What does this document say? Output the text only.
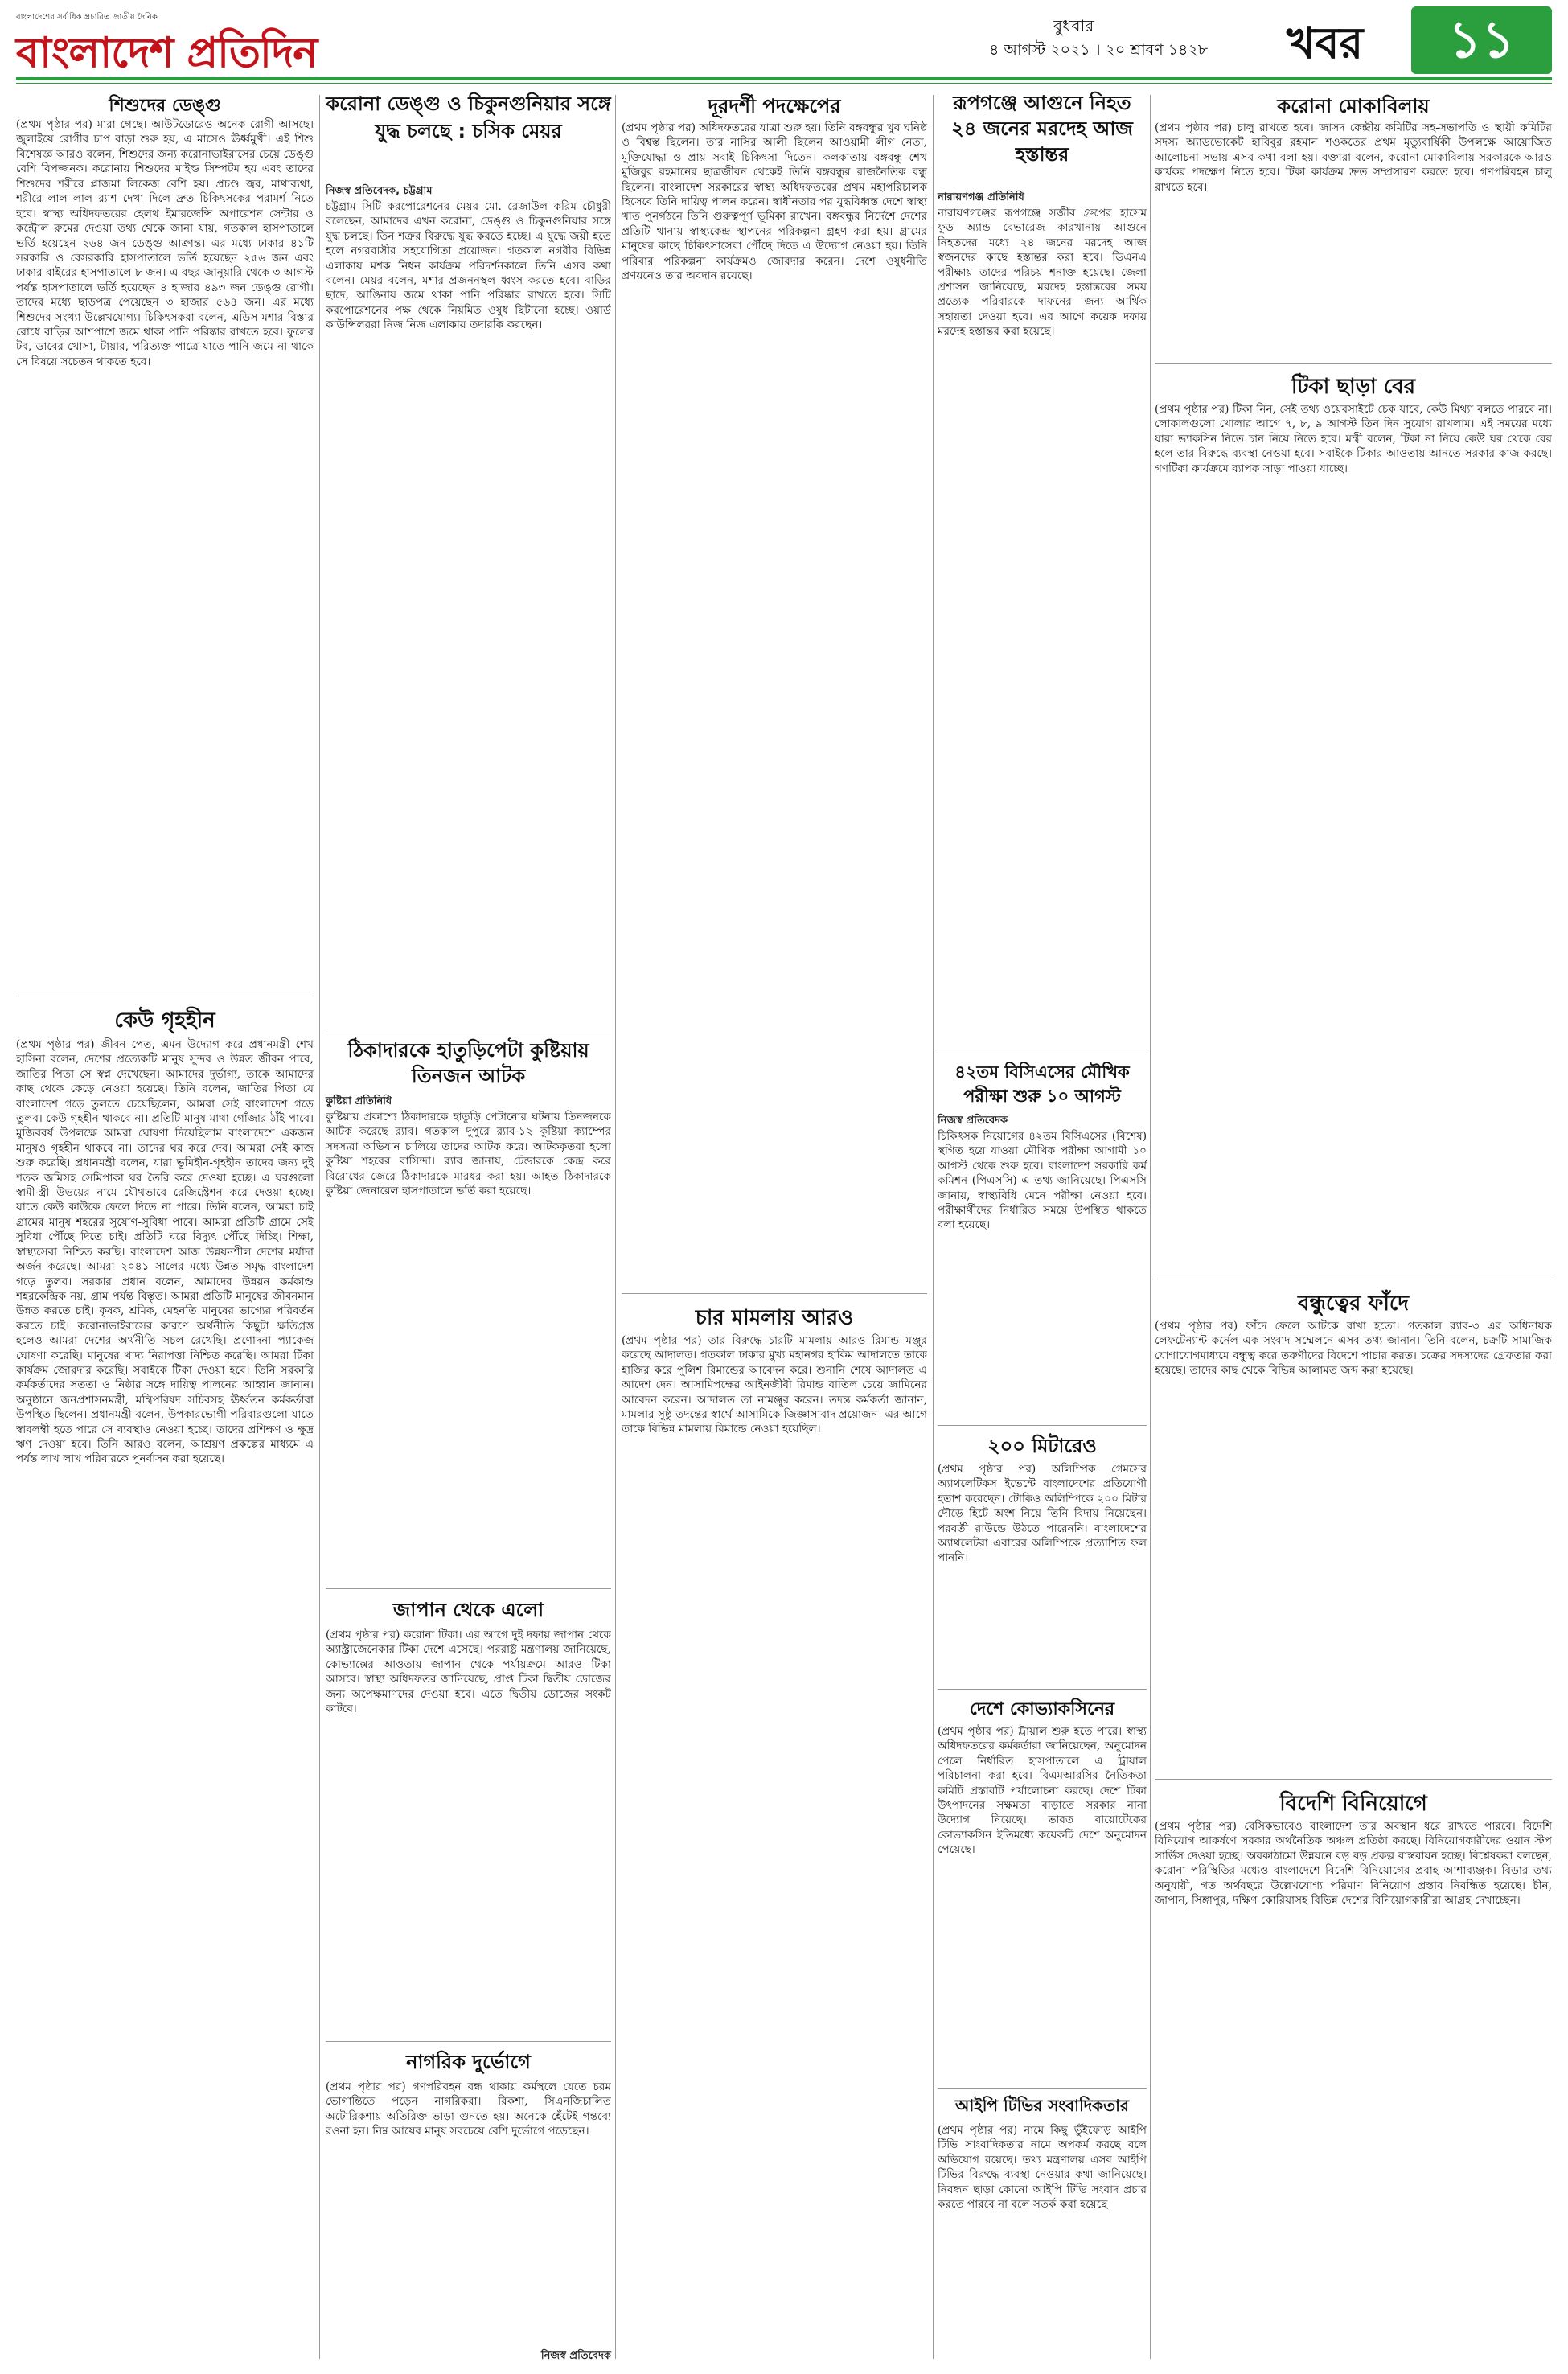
বাংলাদেশের সর্বাধিক প্রচারিত জাতীয় দৈনিক
বাংলাদেশ প্রতিদিন
বুধবার
৪ আগস্ট ২০২১ । ২০ শ্রাবণ ১৪২৮ খবর	১১
শিশুদের ডেঙ্গু

(প্রথম পৃষ্ঠার পর) মারা গেছে। আউটডোরেও অনেক রোগী আসছে। জুলাইয়ে রোগীর চাপ বাড়া শুরু হয়, এ মাসেও ঊর্ধ্বমুখী। এই শিশু বিশেষজ্ঞ আরও বলেন, শিশুদের জন্য করোনাভাইরাসের চেয়ে ডেঙ্গু বেশি বিপজ্জনক। করোনায় শিশুদের মাইল্ড সিম্পটম হয় এবং তাদের

শিশুদের শরীরে প্লাজমা লিকেজ বেশি হয়। প্রচণ্ড জ্বর, মাথাব্যথা, শরীরে লাল লাল র‍্যাশ দেখা দিলে দ্রুত চিকিৎসকের পরামর্শ নিতে হবে। স্বাস্থ্য অধিদফতরের হেলথ ইমারজেন্সি অপারেশন সেন্টার ও কন্ট্রোল রুমের দেওয়া তথ্য থেকে জানা যায়, গতকাল হাসপাতালে ভর্তি হয়েছেন ২৬৪ জন ডেঙ্গু আক্রান্ত। এর মধ্যে ঢাকার ৪১টি সরকারি ও বেসরকারি হাসপাতালে ভর্তি হয়েছেন ২৫৬ জন এবং ঢাকার বাইরের হাসপাতালে ৮ জন। এ বছর জানুয়ারি থেকে ৩ আগস্ট পর্যন্ত হাসপাতালে ভর্তি হয়েছেন ৪ হাজার ৪৯৩ জন ডেঙ্গু রোগী। তাদের মধ্যে ছাড়পত্র পেয়েছেন ৩ হাজার ৫৬৪ জন। এর মধ্যে শিশুদের সংখ্যা উল্লেখযোগ্য। চিকিৎসকরা বলেন, এডিস মশার বিস্তার রোধে বাড়ির আশপাশে জমে থাকা পানি পরিষ্কার রাখতে হবে। ফুলের টব, ডাবের খোসা, টায়ার, পরিত্যক্ত পাত্রে যাতে পানি জমে না থাকে সে বিষয়ে সচেতন থাকতে হবে।

কেউ গৃহহীন

(প্রথম পৃষ্ঠার পর) জীবন পেত, এমন উদ্যোগ করে প্রধানমন্ত্রী শেখ হাসিনা বলেন, দেশের প্রত্যেকটি মানুষ সুন্দর ও উন্নত জীবন পাবে, জাতির পিতা সে স্বপ্ন দেখেছেন। আমাদের দুর্ভাগ্য, তাকে আমাদের কাছ থেকে কেড়ে নেওয়া হয়েছে। তিনি বলেন, জাতির পিতা যে বাংলাদেশ গড়ে তুলতে চেয়েছিলেন, আমরা সেই বাংলাদেশ গড়ে তুলব। কেউ গৃহহীন থাকবে না। প্রতিটি মানুষ মাথা গোঁজার ঠাঁই পাবে। মুজিববর্ষ উপলক্ষে আমরা ঘোষণা দিয়েছিলাম বাংলাদেশে একজন মানুষও গৃহহীন থাকবে না। তাদের ঘর করে দেব। আমরা সেই কাজ শুরু করেছি। প্রধানমন্ত্রী বলেন, যারা ভূমিহীন-গৃহহীন তাদের জন্য দুই শতক জমিসহ সেমিপাকা ঘর তৈরি করে দেওয়া হচ্ছে। এ ঘরগুলো স্বামী-স্ত্রী উভয়ের নামে যৌথভাবে রেজিস্ট্রেশন করে দেওয়া হচ্ছে। যাতে কেউ কাউকে ফেলে দিতে না পারে। তিনি বলেন, আমরা চাই গ্রামের মানুষ শহরের সুযোগ-সুবিধা পাবে। আমরা প্রতিটি গ্রামে সেই সুবিধা পৌঁছে দিতে চাই। প্রতিটি ঘরে বিদ্যুৎ পৌঁছে দিচ্ছি। শিক্ষা, স্বাস্থ্যসেবা নিশ্চিত করছি। বাংলাদেশ আজ উন্নয়নশীল দেশের মর্যাদা অর্জন করেছে। আমরা ২০৪১ সালের মধ্যে উন্নত সমৃদ্ধ বাংলাদেশ গড়ে তুলব। সরকার প্রধান বলেন, আমাদের উন্নয়ন কর্মকাণ্ড শহরকেন্দ্রিক নয়, গ্রাম পর্যন্ত বিস্তৃত। আমরা প্রতিটি মানুষের জীবনমান উন্নত করতে চাই। কৃষক, শ্রমিক, মেহনতি মানুষের ভাগ্যের পরিবর্তন করতে চাই। করোনাভাইরাসের কারণে অর্থনীতি কিছুটা ক্ষতিগ্রস্ত হলেও আমরা দেশের অর্থনীতি সচল রেখেছি। প্রণোদনা প্যাকেজ ঘোষণা করেছি। মানুষের খাদ্য নিরাপত্তা নিশ্চিত করেছি। আমরা টিকা কার্যক্রম জোরদার করেছি। সবাইকে টিকা দেওয়া হবে। তিনি সরকারি কর্মকর্তাদের সততা ও নিষ্ঠার সঙ্গে দায়িত্ব পালনের আহ্বান জানান। অনুষ্ঠানে জনপ্রশাসনমন্ত্রী, মন্ত্রিপরিষদ সচিবসহ ঊর্ধ্বতন কর্মকর্তারা উপস্থিত ছিলেন। প্রধানমন্ত্রী বলেন, উপকারভোগী পরিবারগুলো যাতে স্বাবলম্বী হতে পারে সে ব্যবস্থাও নেওয়া হচ্ছে। তাদের প্রশিক্ষণ ও ক্ষুদ্র ঋণ দেওয়া হবে। তিনি আরও বলেন, আশ্রয়ণ প্রকল্পের মাধ্যমে এ পর্যন্ত লাখ লাখ পরিবারকে পুনর্বাসন করা হয়েছে।

করোনা ডেঙ্গু ও চিকুনগুনিয়ার সঙ্গে যুদ্ধ চলছে : চসিক মেয়র
নিজস্ব প্রতিবেদক, চট্টগ্রাম

চট্টগ্রাম সিটি করপোরেশনের মেয়র মো. রেজাউল করিম চৌধুরী বলেছেন, আমাদের এখন করোনা, ডেঙ্গু ও চিকুনগুনিয়ার সঙ্গে যুদ্ধ চলছে। তিন শত্রুর বিরুদ্ধে যুদ্ধ করতে হচ্ছে। এ যুদ্ধে জয়ী হতে হলে নগরবাসীর সহযোগিতা প্রয়োজন। গতকাল নগরীর বিভিন্ন এলাকায় মশক নিধন কার্যক্রম পরিদর্শনকালে তিনি এসব কথা বলেন। মেয়র বলেন, মশার প্রজননস্থল ধ্বংস করতে হবে। বাড়ির ছাদে, আঙিনায় জমে থাকা পানি পরিষ্কার রাখতে হবে। সিটি করপোরেশনের পক্ষ থেকে নিয়মিত ওষুধ ছিটানো হচ্ছে। ওয়ার্ড কাউন্সিলররা নিজ নিজ এলাকায় তদারকি করছেন।

ঠিকাদারকে হাতুড়িপেটা কুষ্টিয়ায় তিনজন আটক
কুষ্টিয়া প্রতিনিধি

কুষ্টিয়ায় প্রকাশ্যে ঠিকাদারকে হাতুড়ি পেটানোর ঘটনায় তিনজনকে আটক করেছে র‍্যাব। গতকাল দুপুরে র‍্যাব-১২ কুষ্টিয়া ক্যাম্পের সদস্যরা অভিযান চালিয়ে তাদের আটক করে। আটককৃতরা হলো কুষ্টিয়া শহরের বাসিন্দা। র‍্যাব জানায়, টেন্ডারকে কেন্দ্র করে বিরোধের জেরে ঠিকাদারকে মারধর করা হয়। আহত ঠিকাদারকে কুষ্টিয়া জেনারেল হাসপাতালে ভর্তি করা হয়েছে।

জাপান থেকে এলো

(প্রথম পৃষ্ঠার পর) করোনা টিকা। এর আগে দুই দফায় জাপান থেকে অ্যাস্ট্রাজেনেকার টিকা দেশে এসেছে। পররাষ্ট্র মন্ত্রণালয় জানিয়েছে, কোভ্যাক্সের আওতায় জাপান থেকে পর্যায়ক্রমে আরও টিকা আসবে। স্বাস্থ্য অধিদফতর জানিয়েছে, প্রাপ্ত টিকা দ্বিতীয় ডোজের জন্য অপেক্ষমাণদের দেওয়া হবে। এতে দ্বিতীয় ডোজের সংকট কাটবে।

নাগরিক দুর্ভোগে

(প্রথম পৃষ্ঠার পর) গণপরিবহন বন্ধ থাকায় কর্মস্থলে যেতে চরম ভোগান্তিতে পড়েন নাগরিকরা। রিকশা, সিএনজিচালিত অটোরিকশায় অতিরিক্ত ভাড়া গুনতে হয়। অনেকে হেঁটেই গন্তব্যে রওনা হন। নিম্ন আয়ের মানুষ সবচেয়ে বেশি দুর্ভোগে পড়েছেন।

নিজস্ব প্রতিবেদক
দূরদর্শী পদক্ষেপের

(প্রথম পৃষ্ঠার পর) অধিদফতরের যাত্রা শুরু হয়। তিনি বঙ্গবন্ধুর খুব ঘনিষ্ঠ ও বিশ্বস্ত ছিলেন। তার নাসির আলী ছিলেন আওয়ামী লীগ নেতা, মুক্তিযোদ্ধা ও প্রায় সবাই চিকিৎসা দিতেন। কলকাতায় বঙ্গবন্ধু শেখ মুজিবুর রহমানের ছাত্রজীবন থেকেই তিনি বঙ্গবন্ধুর রাজনৈতিক বন্ধু ছিলেন। বাংলাদেশ সরকারের স্বাস্থ্য অধিদফতরের প্রথম মহাপরিচালক হিসেবে তিনি দায়িত্ব পালন করেন। স্বাধীনতার পর যুদ্ধবিধ্বস্ত দেশে স্বাস্থ্য খাত পুনর্গঠনে তিনি গুরুত্বপূর্ণ ভূমিকা রাখেন। বঙ্গবন্ধুর নির্দেশে দেশের প্রতিটি থানায় স্বাস্থ্যকেন্দ্র স্থাপনের পরিকল্পনা গ্রহণ করা হয়। গ্রামের মানুষের কাছে চিকিৎসাসেবা পৌঁছে দিতে এ উদ্যোগ নেওয়া হয়। তিনি পরিবার পরিকল্পনা কার্যক্রমও জোরদার করেন। দেশে ওষুধনীতি প্রণয়নেও তার অবদান রয়েছে।

চার মামলায় আরও

(প্রথম পৃষ্ঠার পর) তার বিরুদ্ধে চারটি মামলায় আরও রিমান্ড মঞ্জুর করেছে আদালত। গতকাল ঢাকার মুখ্য মহানগর হাকিম আদালতে তাকে হাজির করে পুলিশ রিমান্ডের আবেদন করে। শুনানি শেষে আদালত এ আদেশ দেন। আসামিপক্ষের আইনজীবী রিমান্ড বাতিল চেয়ে জামিনের আবেদন করেন। আদালত তা নামঞ্জুর করেন। তদন্ত কর্মকর্তা জানান, মামলার সুষ্ঠু তদন্তের স্বার্থে আসামিকে জিজ্ঞাসাবাদ প্রয়োজন। এর আগে তাকে বিভিন্ন মামলায় রিমান্ডে নেওয়া হয়েছিল।

রূপগঞ্জে আগুনে নিহত ২৪ জনের মরদেহ আজ হস্তান্তর
নারায়ণগঞ্জ প্রতিনিধি

নারায়ণগঞ্জের রূপগঞ্জে সজীব গ্রুপের হাসেম ফুড অ্যান্ড বেভারেজ কারখানায় আগুনে নিহতদের মধ্যে ২৪ জনের মরদেহ আজ স্বজনদের কাছে হস্তান্তর করা হবে। ডিএনএ পরীক্ষায় তাদের পরিচয় শনাক্ত হয়েছে। জেলা প্রশাসন জানিয়েছে, মরদেহ হস্তান্তরের সময় প্রত্যেক পরিবারকে দাফনের জন্য আর্থিক সহায়তা দেওয়া হবে। এর আগে কয়েক দফায় মরদেহ হস্তান্তর করা হয়েছে।

৪২তম বিসিএসের মৌখিক পরীক্ষা শুরু ১০ আগস্ট
নিজস্ব প্রতিবেদক

চিকিৎসক নিয়োগের ৪২তম বিসিএসের (বিশেষ) স্থগিত হয়ে যাওয়া মৌখিক পরীক্ষা আগামী ১০ আগস্ট থেকে শুরু হবে। বাংলাদেশ সরকারি কর্ম কমিশন (পিএসসি) এ তথ্য জানিয়েছে। পিএসসি জানায়, স্বাস্থ্যবিধি মেনে পরীক্ষা নেওয়া হবে। পরীক্ষার্থীদের নির্ধারিত সময়ে উপস্থিত থাকতে বলা হয়েছে।

২০০ মিটারেও

(প্রথম পৃষ্ঠার পর) অলিম্পিক গেমসের অ্যাথলেটিকস ইভেন্টে বাংলাদেশের প্রতিযোগী হতাশ করেছেন। টোকিও অলিম্পিকে ২০০ মিটার দৌড়ে হিটে অংশ নিয়ে তিনি বিদায় নিয়েছেন। পরবর্তী রাউন্ডে উঠতে পারেননি। বাংলাদেশের অ্যাথলেটরা এবারের অলিম্পিকে প্রত্যাশিত ফল পাননি।

দেশে কোভ্যাকসিনের

(প্রথম পৃষ্ঠার পর) ট্রায়াল শুরু হতে পারে। স্বাস্থ্য অধিদফতরের কর্মকর্তারা জানিয়েছেন, অনুমোদন পেলে নির্ধারিত হাসপাতালে এ ট্রায়াল পরিচালনা করা হবে। বিএমআরসির নৈতিকতা কমিটি প্রস্তাবটি পর্যালোচনা করছে। দেশে টিকা উৎপাদনের সক্ষমতা বাড়াতে সরকার নানা উদ্যোগ নিয়েছে। ভারত বায়োটেকের কোভ্যাকসিন ইতিমধ্যে কয়েকটি দেশে অনুমোদন পেয়েছে।

আইপি টিভির সংবাদিকতার

(প্রথম পৃষ্ঠার পর) নামে কিছু ভুঁইফোড় আইপি টিভি সাংবাদিকতার নামে অপকর্ম করছে বলে অভিযোগ রয়েছে। তথ্য মন্ত্রণালয় এসব আইপি টিভির বিরুদ্ধে ব্যবস্থা নেওয়ার কথা জানিয়েছে। নিবন্ধন ছাড়া কোনো আইপি টিভি সংবাদ প্রচার করতে পারবে না বলে সতর্ক করা হয়েছে।

করোনা মোকাবিলায়

(প্রথম পৃষ্ঠার পর) চালু রাখতে হবে। জাসদ কেন্দ্রীয় কমিটির সহ-সভাপতি ও স্থায়ী কমিটির সদস্য অ্যাডভোকেট হাবিবুর রহমান শওকতের প্রথম মৃত্যুবার্ষিকী উপলক্ষে আয়োজিত আলোচনা সভায় এসব কথা বলা হয়। বক্তারা বলেন, করোনা মোকাবিলায় সরকারকে আরও কার্যকর পদক্ষেপ নিতে হবে। টিকা কার্যক্রম দ্রুত সম্প্রসারণ করতে হবে। গণপরিবহন চালু রাখতে হবে।

টিকা ছাড়া বের

(প্রথম পৃষ্ঠার পর) টিকা নিন, সেই তথ্য ওয়েবসাইটে চেক যাবে, কেউ মিথ্যা বলতে পারবে না। লোকালগুলো খোলার আগে ৭, ৮, ৯ আগস্ট তিন দিন সুযোগ রাখলাম। এই সময়ের মধ্যে যারা ভ্যাকসিন নিতে চান নিয়ে নিতে হবে। মন্ত্রী বলেন, টিকা না নিয়ে কেউ ঘর থেকে বের হলে তার বিরুদ্ধে ব্যবস্থা নেওয়া হবে। সবাইকে টিকার আওতায় আনতে সরকার কাজ করছে। গণটিকা কার্যক্রমে ব্যাপক সাড়া পাওয়া যাচ্ছে।

বন্ধুত্বের ফাঁদে

(প্রথম পৃষ্ঠার পর) ফাঁদে ফেলে আটকে রাখা হতো। গতকাল র‍্যাব-৩ এর অধিনায়ক লেফটেন্যান্ট কর্নেল এক সংবাদ সম্মেলনে এসব তথ্য জানান। তিনি বলেন, চক্রটি সামাজিক যোগাযোগমাধ্যমে বন্ধুত্ব করে তরুণীদের বিদেশে পাচার করত। চক্রের সদস্যদের গ্রেফতার করা হয়েছে। তাদের কাছ থেকে বিভিন্ন আলামত জব্দ করা হয়েছে।

বিদেশি বিনিয়োগে

(প্রথম পৃষ্ঠার পর) বেসিকভাবেও বাংলাদেশ তার অবস্থান ধরে রাখতে পারবে। বিদেশি বিনিয়োগ আকর্ষণে সরকার অর্থনৈতিক অঞ্চল প্রতিষ্ঠা করছে। বিনিয়োগকারীদের ওয়ান স্টপ সার্ভিস দেওয়া হচ্ছে। অবকাঠামো উন্নয়নে বড় বড় প্রকল্প বাস্তবায়ন হচ্ছে। বিশ্লেষকরা বলছেন, করোনা পরিস্থিতির মধ্যেও বাংলাদেশে বিদেশি বিনিয়োগের প্রবাহ আশাব্যঞ্জক। বিডার তথ্য অনুযায়ী, গত অর্থবছরে উল্লেখযোগ্য পরিমাণ বিনিয়োগ প্রস্তাব নিবন্ধিত হয়েছে। চীন, জাপান, সিঙ্গাপুর, দক্ষিণ কোরিয়াসহ বিভিন্ন দেশের বিনিয়োগকারীরা আগ্রহ দেখাচ্ছেন।
